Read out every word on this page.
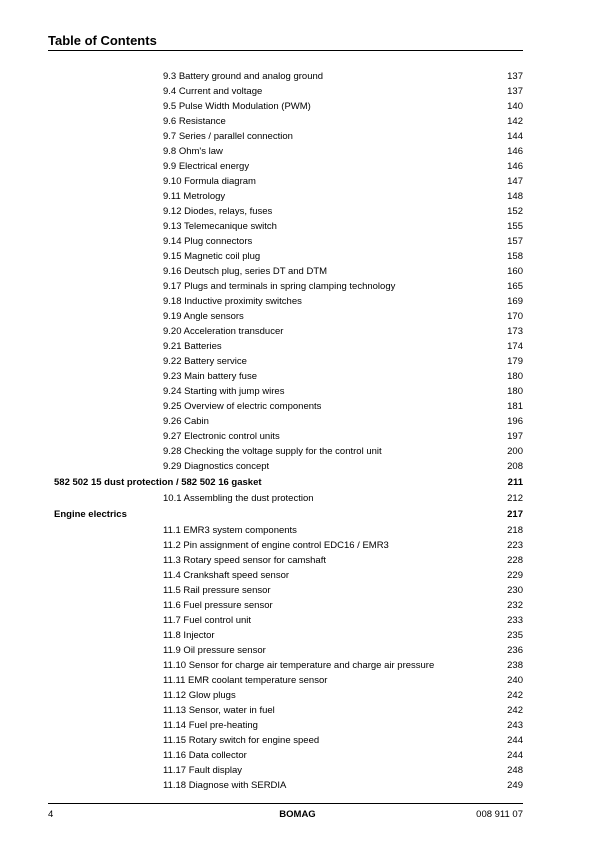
Table of Contents
9.3 Battery ground and analog ground	137
9.4 Current and voltage	137
9.5 Pulse Width Modulation (PWM)	140
9.6 Resistance	142
9.7 Series / parallel connection	144
9.8 Ohm's law	146
9.9 Electrical energy	146
9.10 Formula diagram	147
9.11 Metrology	148
9.12 Diodes, relays, fuses	152
9.13 Telemecanique switch	155
9.14 Plug connectors	157
9.15 Magnetic coil plug	158
9.16 Deutsch plug, series DT and DTM	160
9.17 Plugs and terminals in spring clamping technology	165
9.18 Inductive proximity switches	169
9.19 Angle sensors	170
9.20 Acceleration transducer	173
9.21 Batteries	174
9.22 Battery service	179
9.23 Main battery fuse	180
9.24 Starting with jump wires	180
9.25 Overview of electric components	181
9.26 Cabin	196
9.27 Electronic control units	197
9.28 Checking the voltage supply for the control unit	200
9.29 Diagnostics concept	208
582 502 15 dust protection / 582 502 16 gasket	211
10.1 Assembling the dust protection	212
Engine electrics	217
11.1 EMR3 system components	218
11.2 Pin assignment of engine control EDC16 / EMR3	223
11.3 Rotary speed sensor for camshaft	228
11.4 Crankshaft speed sensor	229
11.5 Rail pressure sensor	230
11.6 Fuel pressure sensor	232
11.7 Fuel control unit	233
11.8 Injector	235
11.9 Oil pressure sensor	236
11.10 Sensor for charge air temperature and charge air pressure	238
11.11 EMR coolant temperature sensor	240
11.12 Glow plugs	242
11.13 Sensor, water in fuel	242
11.14 Fuel pre-heating	243
11.15 Rotary switch for engine speed	244
11.16 Data collector	244
11.17 Fault display	248
11.18 Diagnose with SERDIA	249
4	BOMAG	008 911 07
